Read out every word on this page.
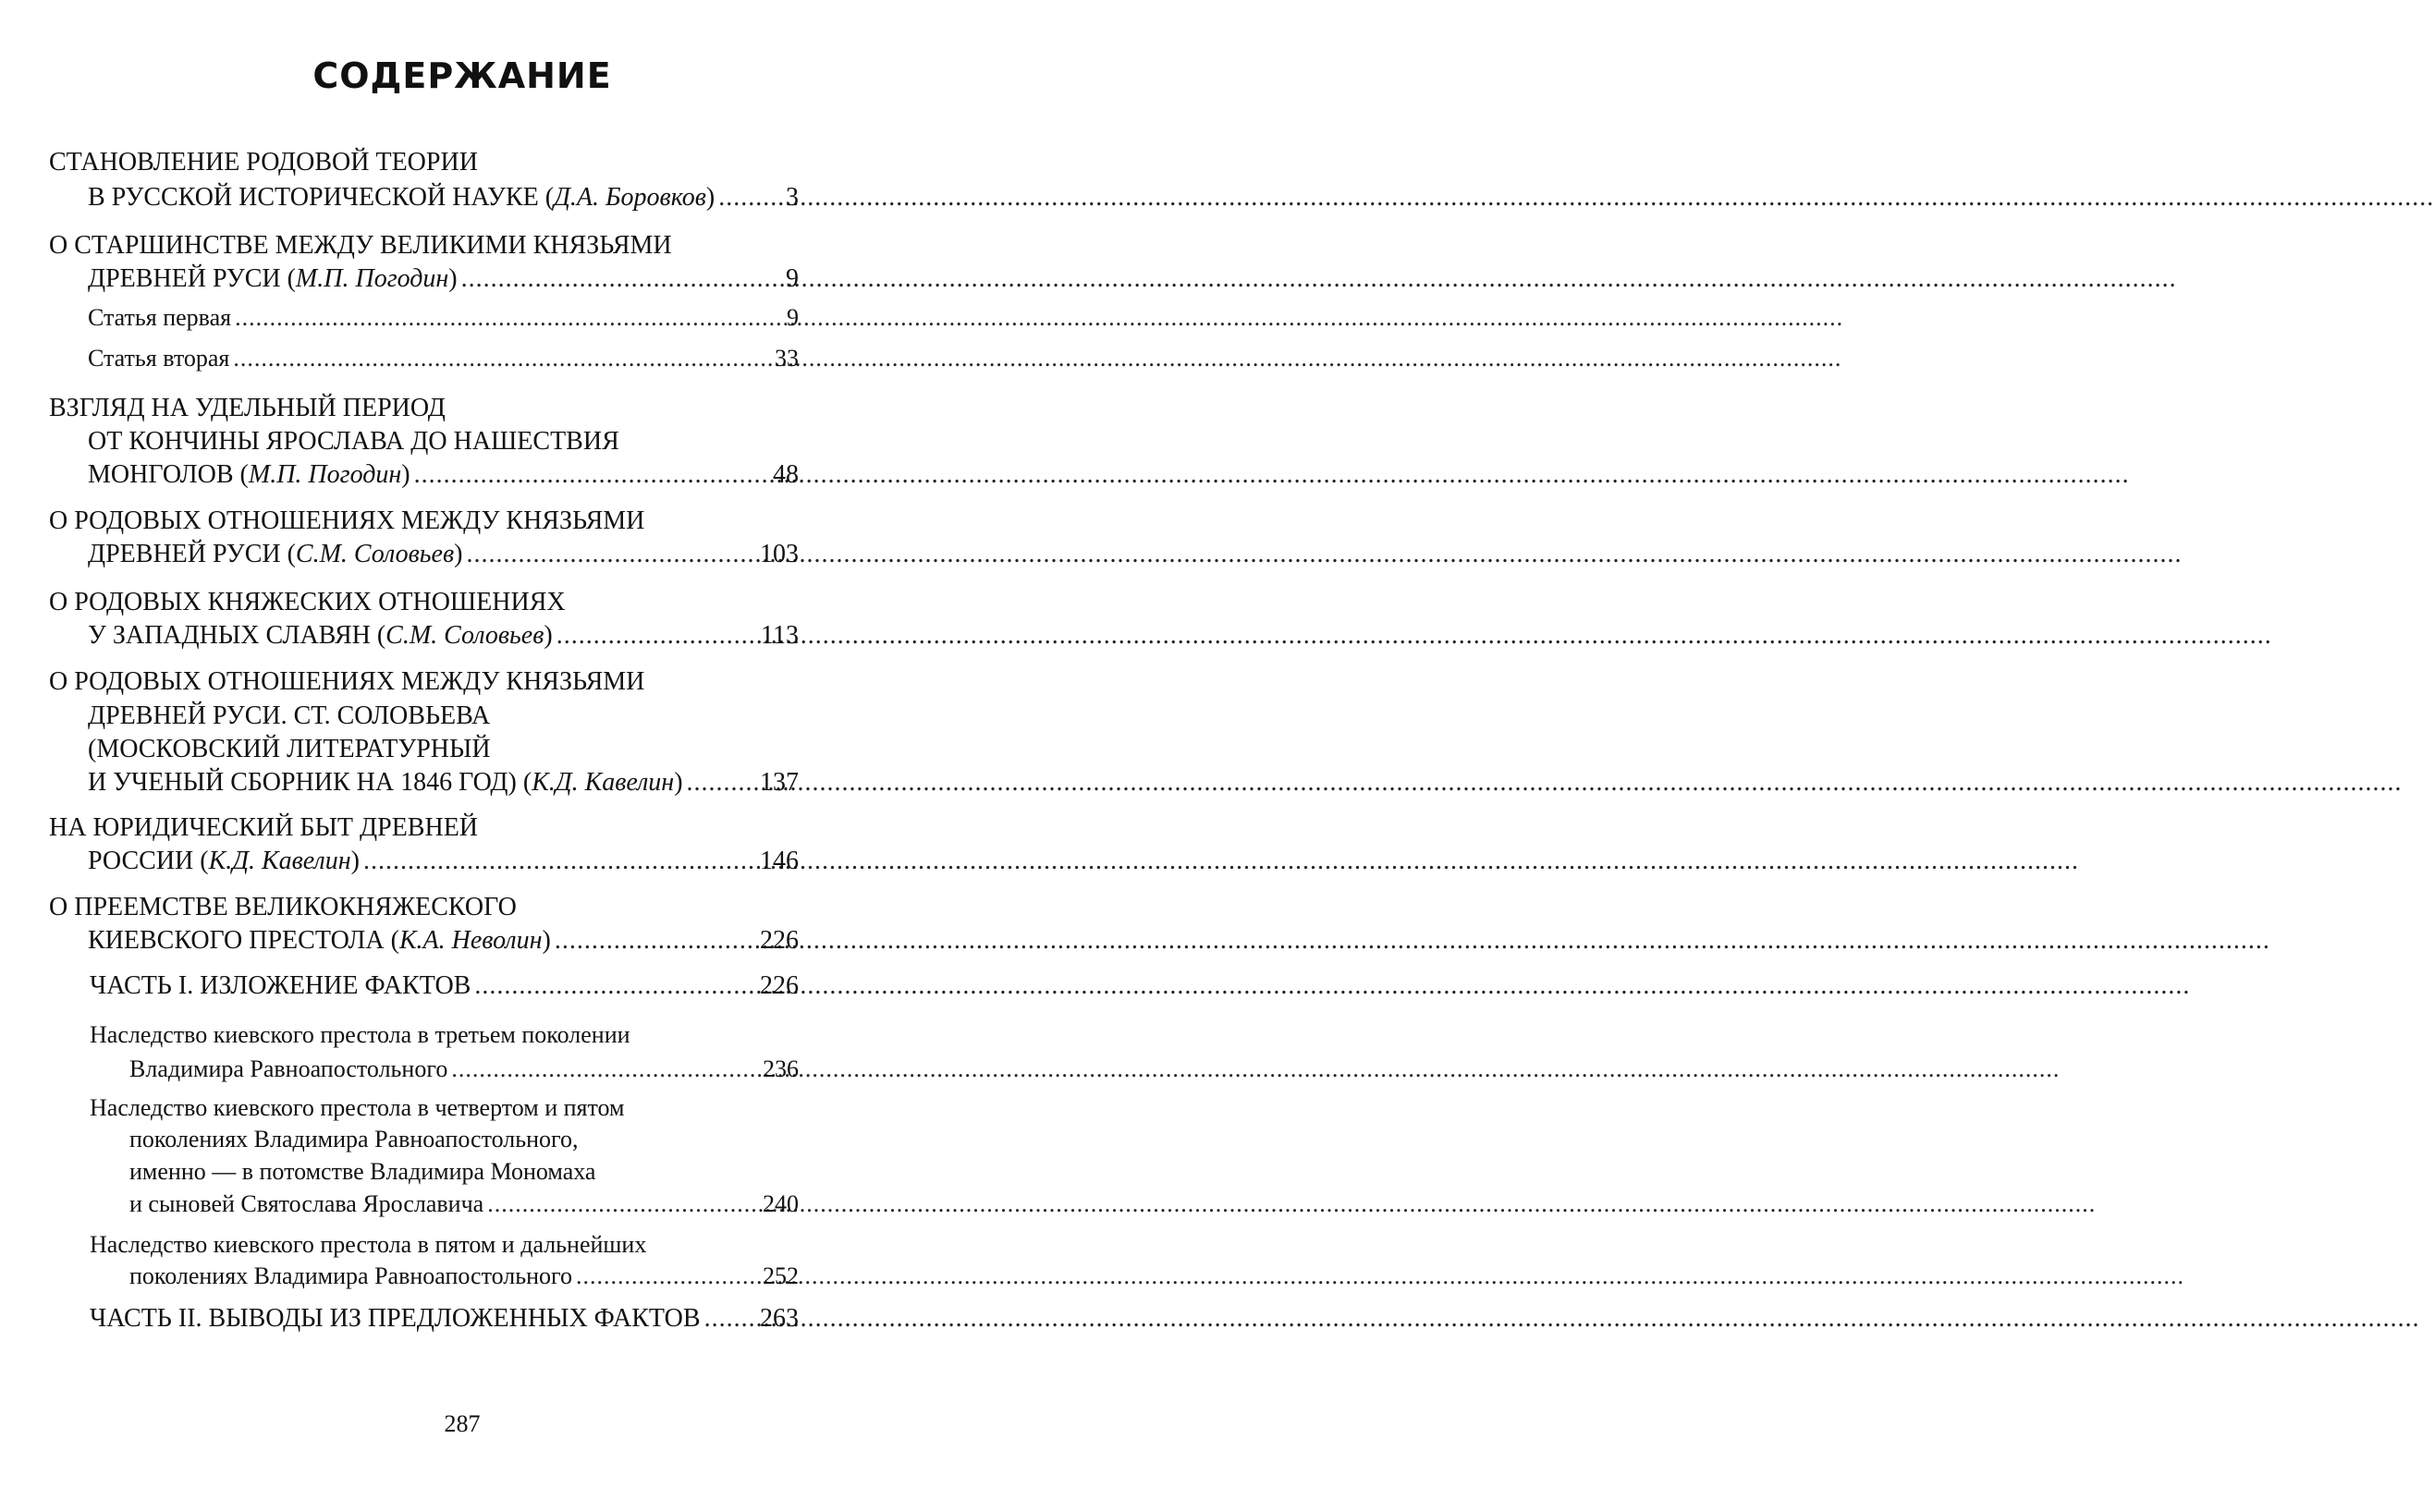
СОДЕРЖАНИЕ
СТАНОВЛЕНИЕ РОДОВОЙ ТЕОРИИ
В РУССКОЙ ИСТОРИЧЕСКОЙ НАУКЕ (Д.А. Боровков) .....	3
О СТАРШИНСТВЕ МЕЖДУ ВЕЛИКИМИ КНЯЗЬЯМИ
ДРЕВНЕЙ РУСИ (М.П. Погодин) .....	9
Статья первая .....	9
Статья вторая .....	33
ВЗГЛЯД НА УДЕЛЬНЫЙ ПЕРИОД
ОТ КОНЧИНЫ ЯРОСЛАВА ДО НАШЕСТВИЯ
МОНГОЛОВ (М.П. Погодин) .....	48
О РОДОВЫХ ОТНОШЕНИЯХ МЕЖДУ КНЯЗЬЯМИ
ДРЕВНЕЙ РУСИ (С.М. Соловьев) .....	103
О РОДОВЫХ КНЯЖЕСКИХ ОТНОШЕНИЯХ
У ЗАПАДНЫХ СЛАВЯН (С.М. Соловьев) .....	113
О РОДОВЫХ ОТНОШЕНИЯХ МЕЖДУ КНЯЗЬЯМИ
ДРЕВНЕЙ РУСИ. СТ. СОЛОВЬЕВА
(МОСКОВСКИЙ ЛИТЕРАТУРНЫЙ
И УЧЕНЫЙ СБОРНИК НА 1846 ГОД) (К.Д. Кавелин) .....	137
НА ЮРИДИЧЕСКИЙ БЫТ ДРЕВНЕЙ
РОССИИ (К.Д. Кавелин) .....	146
О ПРЕЕМСТВЕ ВЕЛИКОКНЯЖЕСКОГО
КИЕВСКОГО ПРЕСТОЛА (К.А. Неволин) .....	226
ЧАСТЬ I. ИЗЛОЖЕНИЕ ФАКТОВ .....	226
Наследство киевского престола в третьем поколении
Владимира Равноапостольного .....	236
Наследство киевского престола в четвертом и пятом
поколениях Владимира Равноапостольного,
именно — в потомстве Владимира Мономаха
и сыновей Святослава Ярославича .....	240
Наследство киевского престола в пятом и дальнейших
поколениях Владимира Равноапостольного .....	252
ЧАСТЬ II. ВЫВОДЫ ИЗ ПРЕДЛОЖЕННЫХ ФАКТОВ ..... 263
287
